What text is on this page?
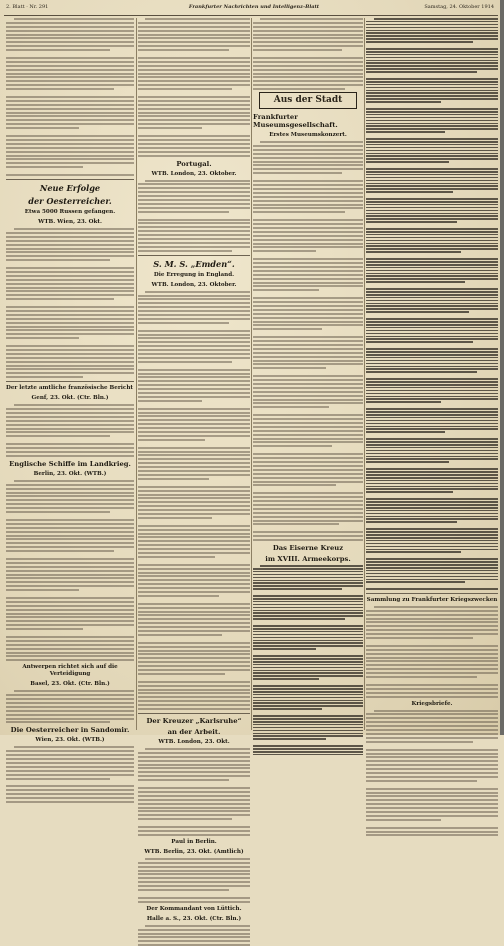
2. Blatt · Nr. 291	Frankfurter Nachrichten und Intelligenz-Blatt	Samstag, 24. Oktober 1914
Neue Erfolge
der Oesterreicher.
Etwa 5000 Russen gefangen.
WTB. Wien, 23. Okt.
Der letzte amtliche französische Bericht
Genf, 23. Okt. (Ctr. Bln.)
Englische Schiffe im Landkrieg.
Berlin, 23. Okt. (WTB.)
Antwerpen richtet sich auf die Verteidigung
Basel, 23. Okt. (Ctr. Bln.)
Die Oesterreicher in Sandomir.
Wien, 23. Okt. (WTB.)
Portugal.
WTB. London, 23. Oktober.
S. M. S. „Emden“.
Die Erregung in England.
WTB. London, 23. Oktober.
Der Kreuzer „Karlsruhe“
an der Arbeit.
WTB. London, 23. Okt.
Paul in Berlin.
WTB. Berlin, 23. Okt. (Amtlich)
Der Kommandant von Lüttich.
Halle a. S., 23. Okt. (Ctr. Bln.)
Aus der Stadt
Frankfurter Museumsgesellschaft.
Erstes Museumskonzert.
Das Eiserne Kreuz
im XVIII. Armeekorps.
Sammlung zu Frankfurter Kriegszwecken
Kriegsbriefe.
